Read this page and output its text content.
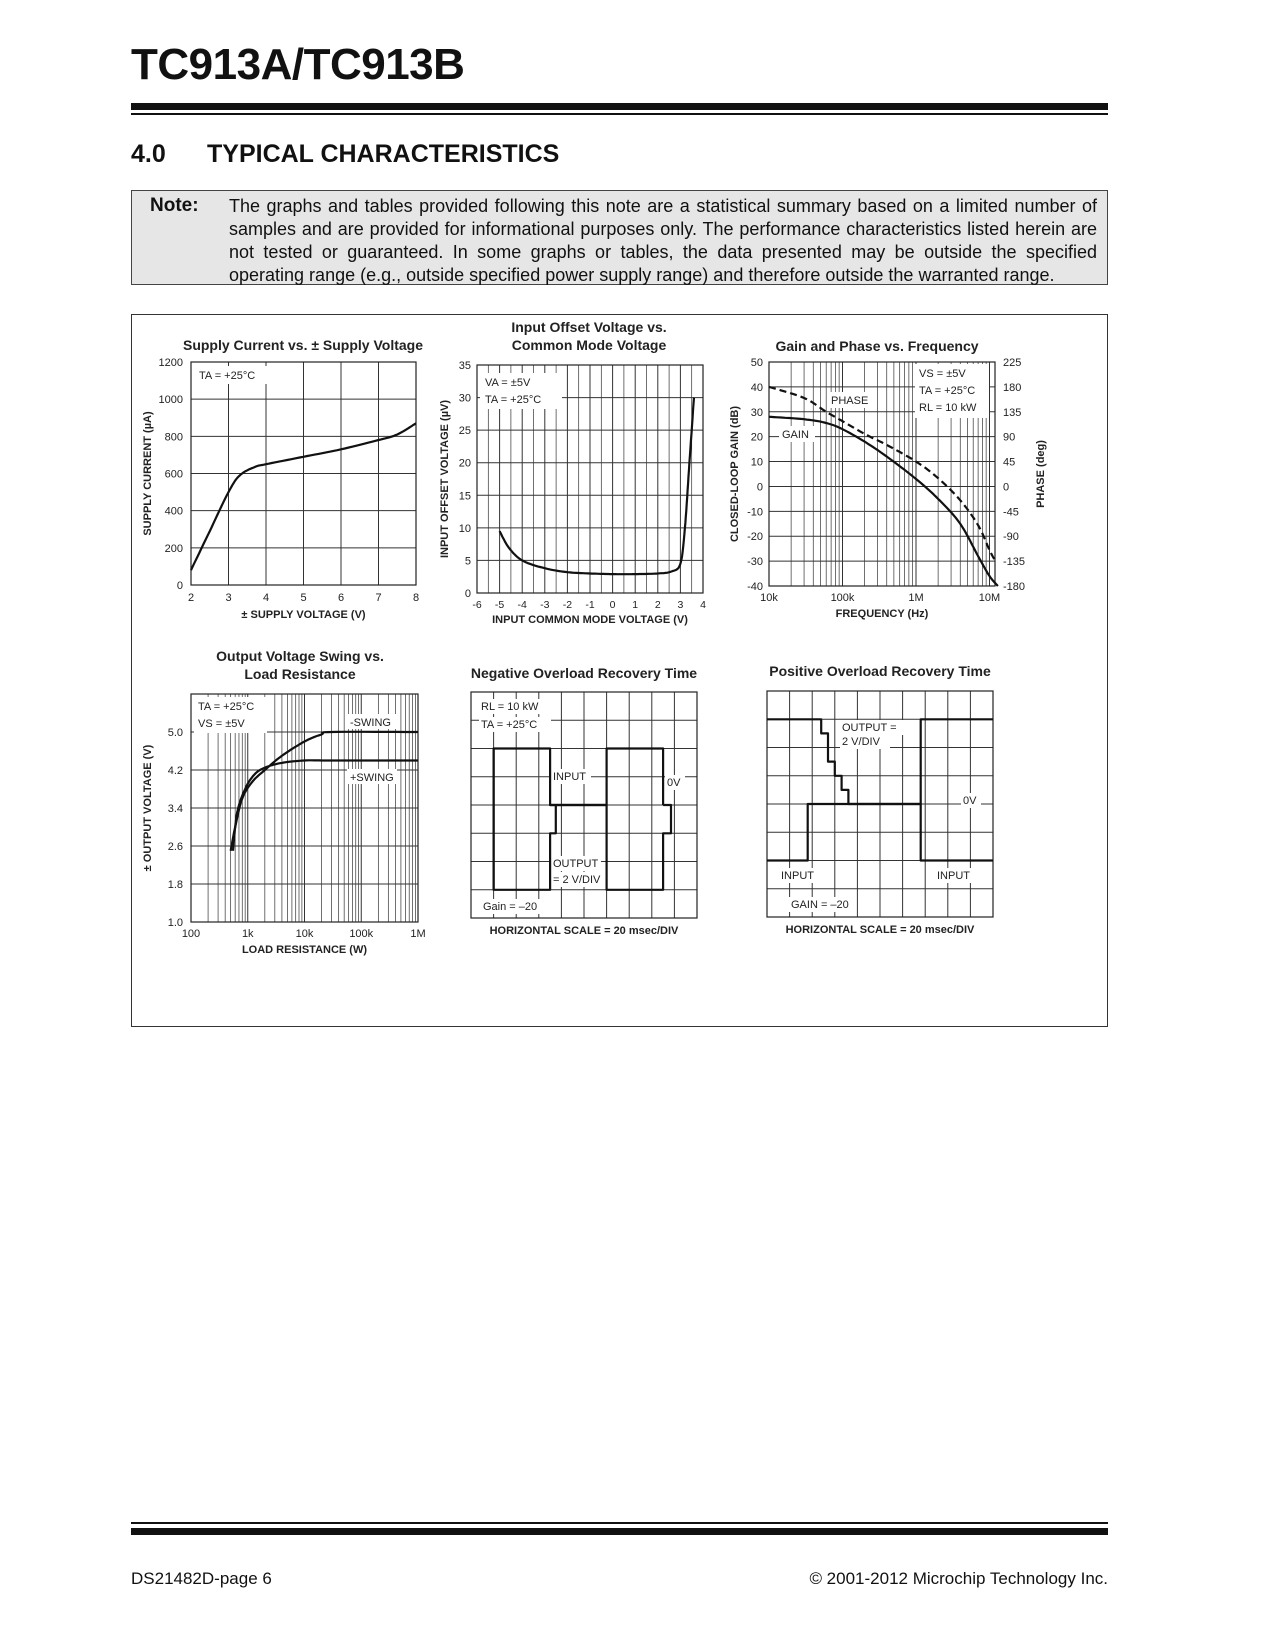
TC913A/TC913B
4.0 TYPICAL CHARACTERISTICS
Note: The graphs and tables provided following this note are a statistical summary based on a limited number of samples and are provided for informational purposes only. The performance characteristics listed herein are not tested or guaranteed. In some graphs or tables, the data presented may be outside the specified operating range (e.g., outside specified power supply range) and therefore outside the warranted range.
Supply Current vs. ± Supply Voltage
2	3	4	5	6	7	8
0
200
400
600
800
1000
1200
± SUPPLY VOLTAGE (V)
SUPPLY CURRENT (µA)
TA = +25°C
Input Offset Voltage vs.
Common Mode Voltage
-6 -5 -4 -3 -2 -1 0 1 2 3 4
0
5
10
15
20
25
30
35
INPUT COMMON MODE VOLTAGE (V)
INPUT OFFSET VOLTAGE (µV)
VA = ±5V
TA = +25°C
Gain and Phase vs. Frequency
10k	100k	1M	10M
-40
-30
-20
-10
0
10
20
30
40
50
-180
-135
-90
-45
0
45
90
135
180
225
FREQUENCY (Hz)
CLOSED-LOOP GAIN (dB)	PHASE (deg)
VS = ±5V
TA = +25°C
RL = 10 kW
PHASE
GAIN
Output Voltage Swing vs.
Load Resistance
100	1k	10k	100k	1M
1.0
1.8
2.6
3.4
4.2
5.0
LOAD RESISTANCE (W)
± OUTPUT VOLTAGE (V)
TA = +25°C
VS = ±5V	-SWING
+SWING
Negative Overload Recovery Time
HORIZONTAL SCALE = 20 msec/DIV
RL = 10 kW
TA = +25°C
INPUT	0V
OUTPUT
= 2 V/DIV
Gain = –20
Positive Overload Recovery Time
HORIZONTAL SCALE = 20 msec/DIV
OUTPUT =
2 V/DIV
0V
INPUT	INPUT
GAIN = –20
DS21482D-page 6	© 2001-2012 Microchip Technology Inc.
